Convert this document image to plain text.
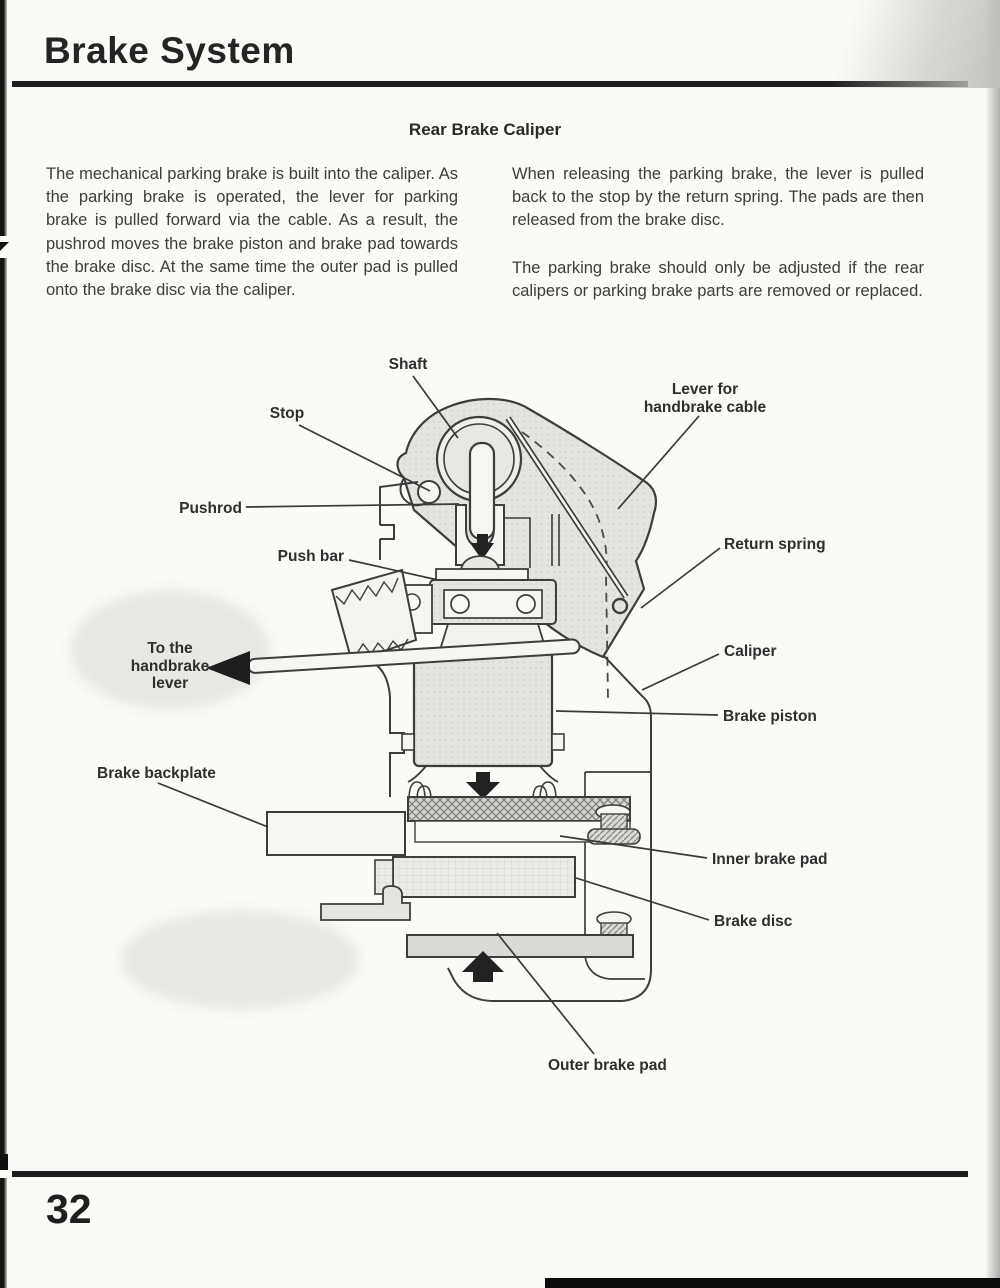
Brake System
Rear Brake Caliper

The mechanical parking brake is built into the caliper. As the parking brake is operated, the lever for parking brake is pulled forward via the cable. As a result, the pushrod moves the brake piston and brake pad towards the brake disc. At the same time the outer pad is pulled onto the brake disc via the caliper.

When releasing the parking brake, the lever is pulled back to the stop by the return spring. The pads are then released from the brake disc.

The parking brake should only be adjusted if the rear calipers or parking brake parts are removed or replaced.

Shaft
Stop
Pushrod
Push bar
To the
handbrake
lever
Brake backplate
Lever for
handbrake cable
Return spring
Caliper
Brake piston
Inner brake pad
Brake disc
Outer brake pad
32
